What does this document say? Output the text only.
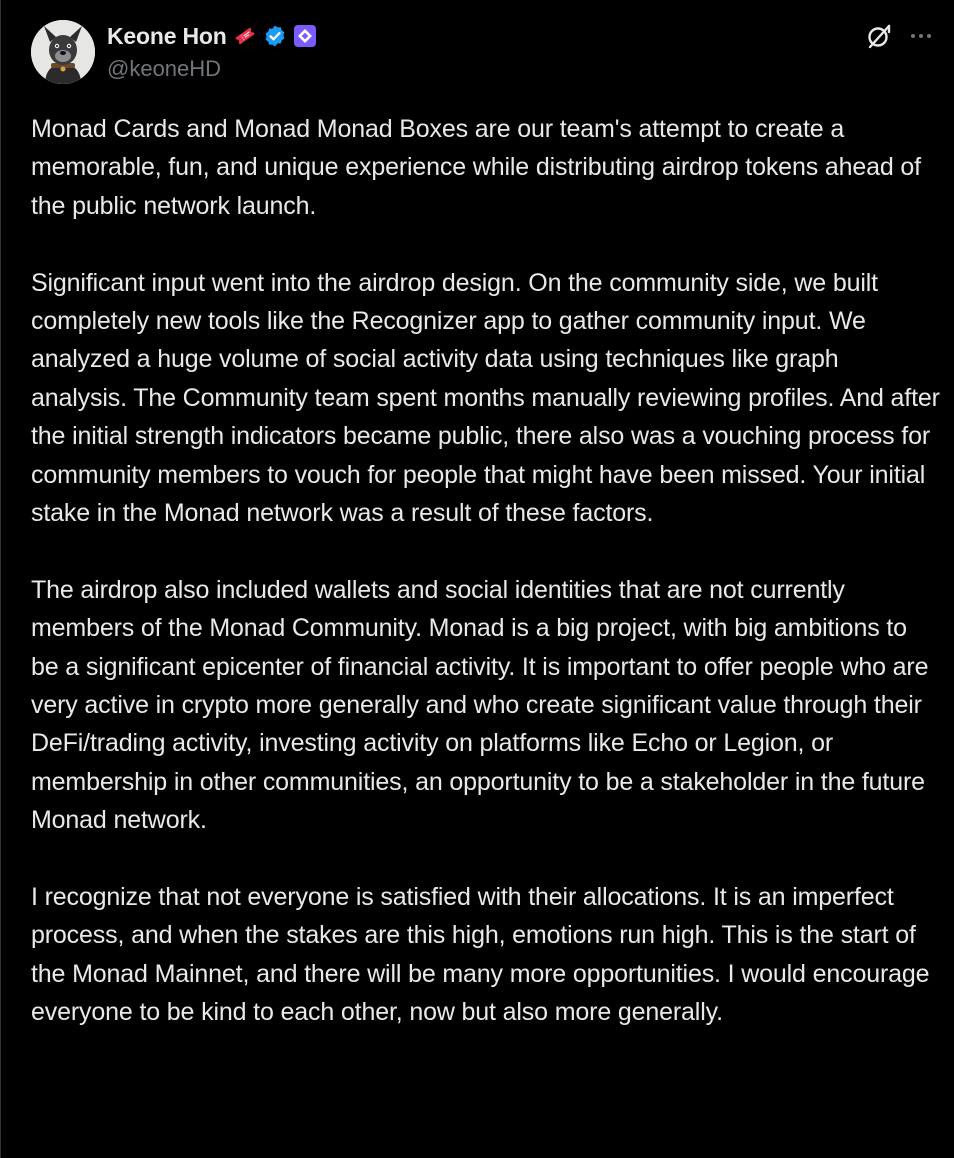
Keone Hon
@keoneHD

Monad Cards and Monad Monad Boxes are our team's attempt to create a memorable, fun, and unique experience while distributing airdrop tokens ahead of the public network launch.

Significant input went into the airdrop design. On the community side, we built completely new tools like the Recognizer app to gather community input. We analyzed a huge volume of social activity data using techniques like graph analysis. The Community team spent months manually reviewing profiles. And after the initial strength indicators became public, there also was a vouching process for community members to vouch for people that might have been missed. Your initial stake in the Monad network was a result of these factors.

The airdrop also included wallets and social identities that are not currently members of the Monad Community. Monad is a big project, with big ambitions to be a significant epicenter of financial activity. It is important to offer people who are very active in crypto more generally and who create significant value through their DeFi/trading activity, investing activity on platforms like Echo or Legion, or membership in other communities, an opportunity to be a stakeholder in the future Monad network.

I recognize that not everyone is satisfied with their allocations. It is an imperfect process, and when the stakes are this high, emotions run high. This is the start of the Monad Mainnet, and there will be many more opportunities. I would encourage everyone to be kind to each other, now but also more generally.
